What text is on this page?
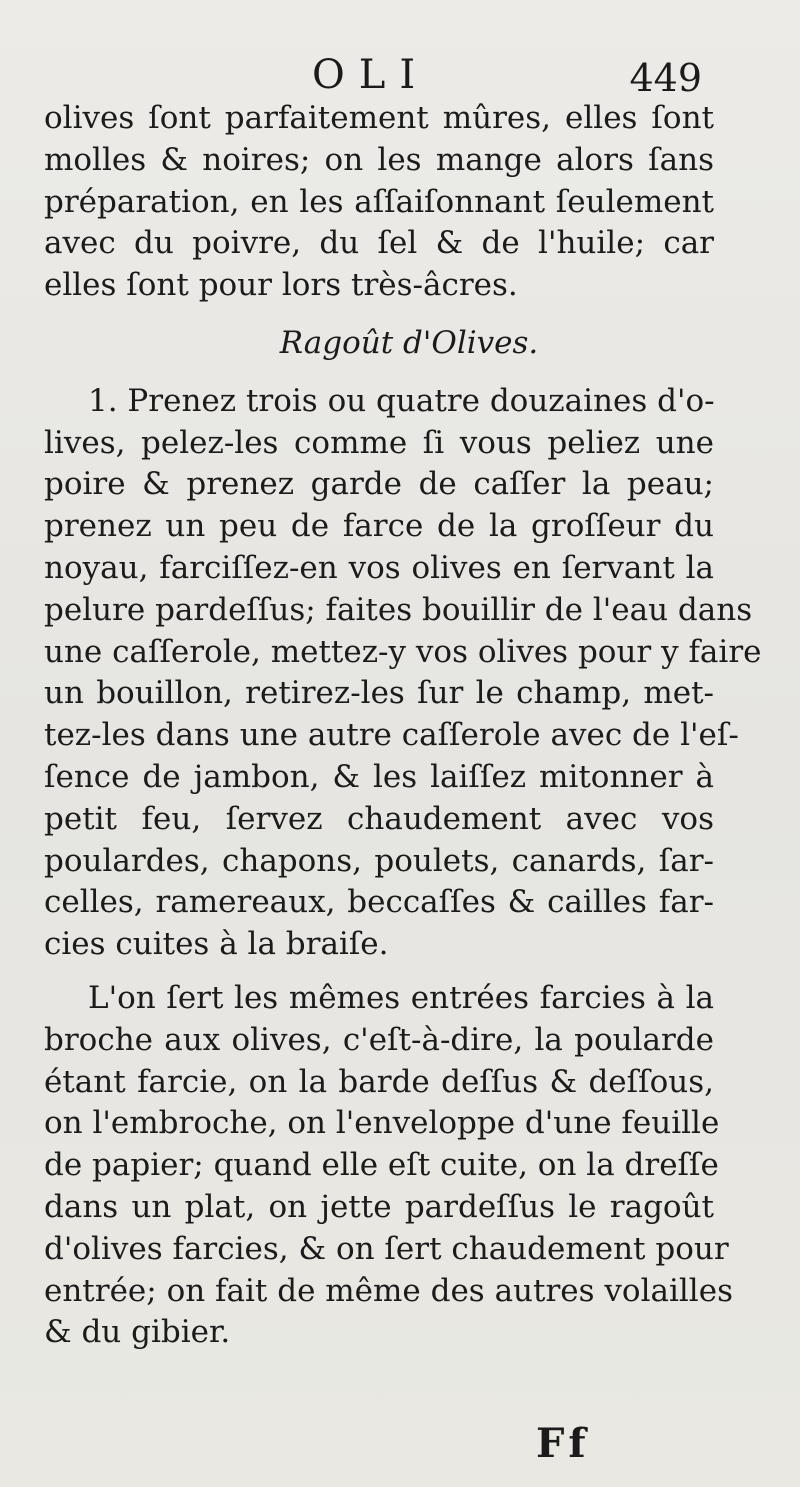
OLI	449
olives ſont parfaitement mûres, elles ſont
molles & noires; on les mange alors ſans
préparation, en les aſſaiſonnant ſeulement
avec du poivre, du ſel & de l'huile; car
elles ſont pour lors très-âcres.
Ragoût d'Olives.
1. Prenez trois ou quatre douzaines d'o-
lives, pelez-les comme ſi vous peliez une
poire & prenez garde de caſſer la peau;
prenez un peu de farce de la groſſeur du
noyau, farciſſez-en vos olives en ſervant la
pelure pardeſſus; faites bouillir de l'eau dans
une caſſerole, mettez-y vos olives pour y faire
un bouillon, retirez-les ſur le champ, met-
tez-les dans une autre caſſerole avec de l'eſ-
ſence de jambon, & les laiſſez mitonner à
petit feu, ſervez chaudement avec vos
poulardes, chapons, poulets, canards, ſar-
celles, ramereaux, beccaſſes & cailles far-
cies cuites à la braiſe.
L'on ſert les mêmes entrées farcies à la
broche aux olives, c'eſt-à-dire, la poularde
étant farcie, on la barde deſſus & deſſous,
on l'embroche, on l'enveloppe d'une feuille
de papier; quand elle eſt cuite, on la dreſſe
dans un plat, on jette pardeſſus le ragoût
d'olives farcies, & on ſert chaudement pour
entrée; on fait de même des autres volailles
& du gibier.
Ff
